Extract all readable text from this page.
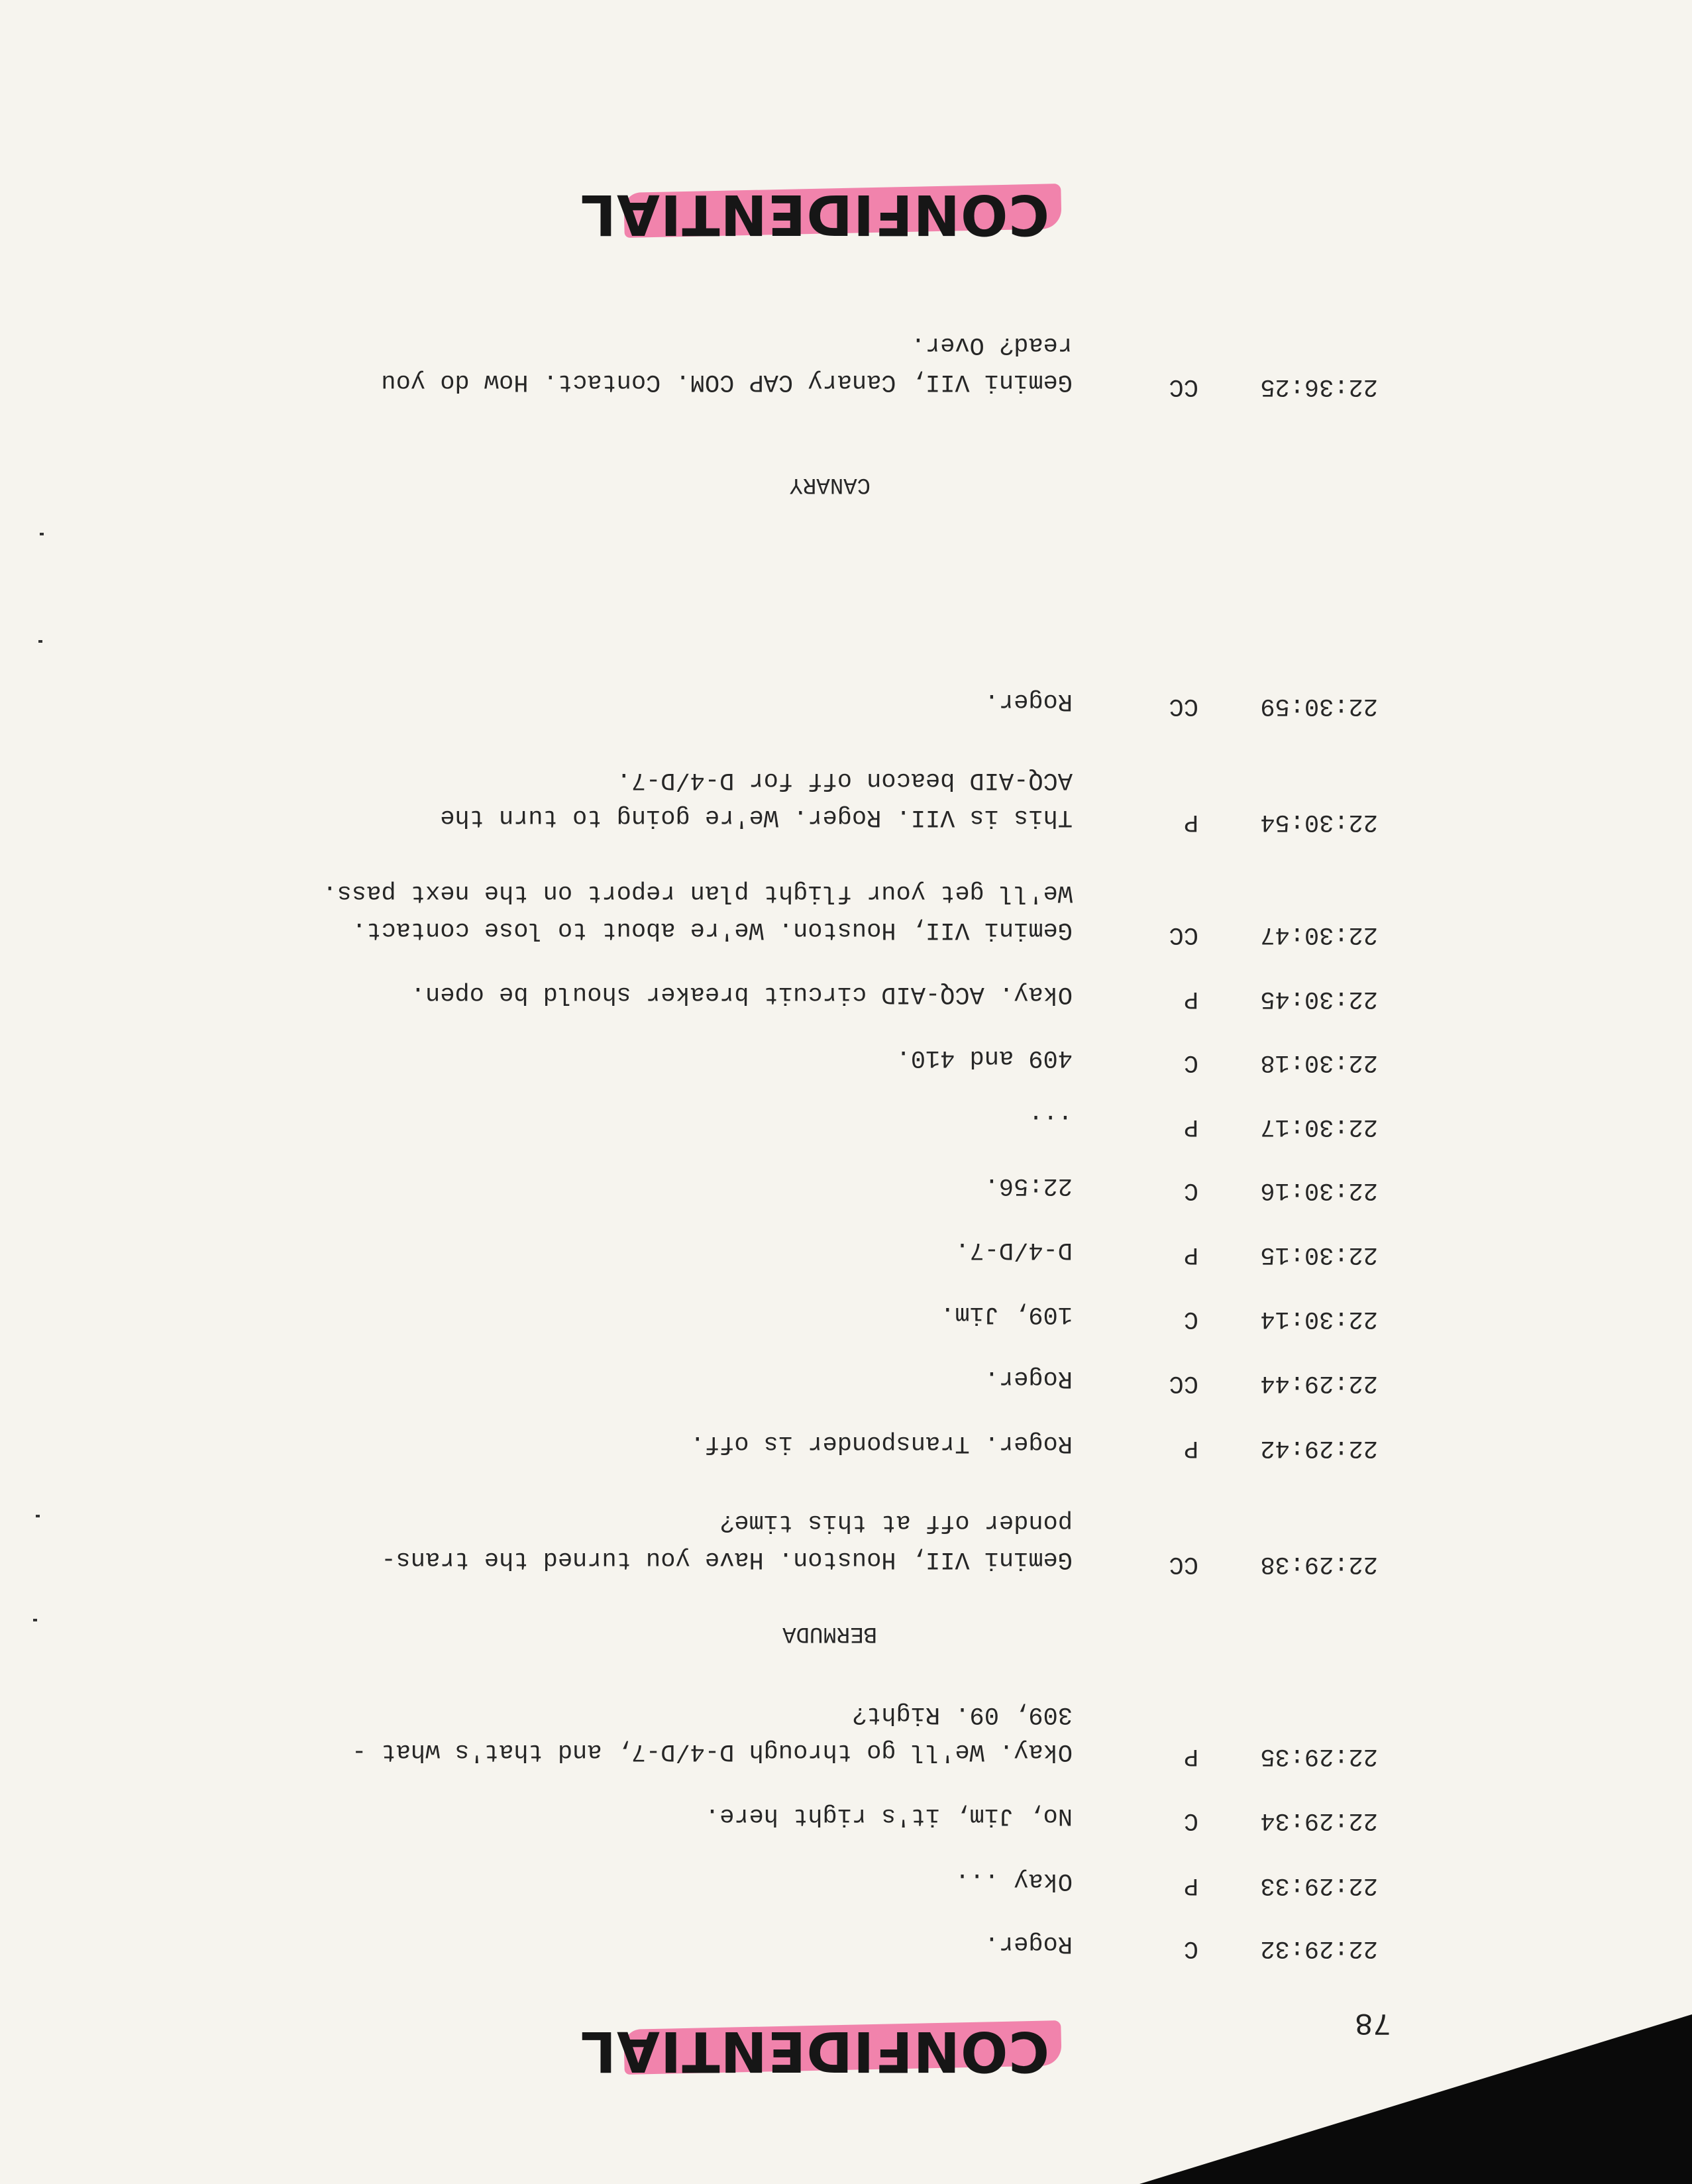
CONFIDENTIAL	78
22:29:32
C
Roger.
22:29:33
P
Okay ...
22:29:34
C
No, Jim, it's right here.
22:29:35
P
Okay. We'll go through D-4/D-7, and that's what -
309, 09. Right?
BERMUDA
22:29:38
CC
Gemini VII, Houston. Have you turned the trans-
ponder off at this time?
22:29:42
P
Roger. Transponder is off.
22:29:44
CC
Roger.
22:30:14
C
109, Jim.
22:30:15
P
D-4/D-7.
22:30:16
C
22:56.
22:30:17
P
...
22:30:18
C
409 and 410.
22:30:45
P
Okay. ACQ-AID circuit breaker should be open.
22:30:47
CC
Gemini VII, Houston. We're about to lose contact.
We'll get your flight plan report on the next pass.
22:30:54
P
This is VII. Roger. We're going to turn the
ACQ-AID beacon off for D-4/D-7.
22:30:59
CC
Roger.
CANARY
22:36:25
CC
Gemini VII, Canary CAP COM. Contact. How do you
read? Over.
CONFIDENTIAL
